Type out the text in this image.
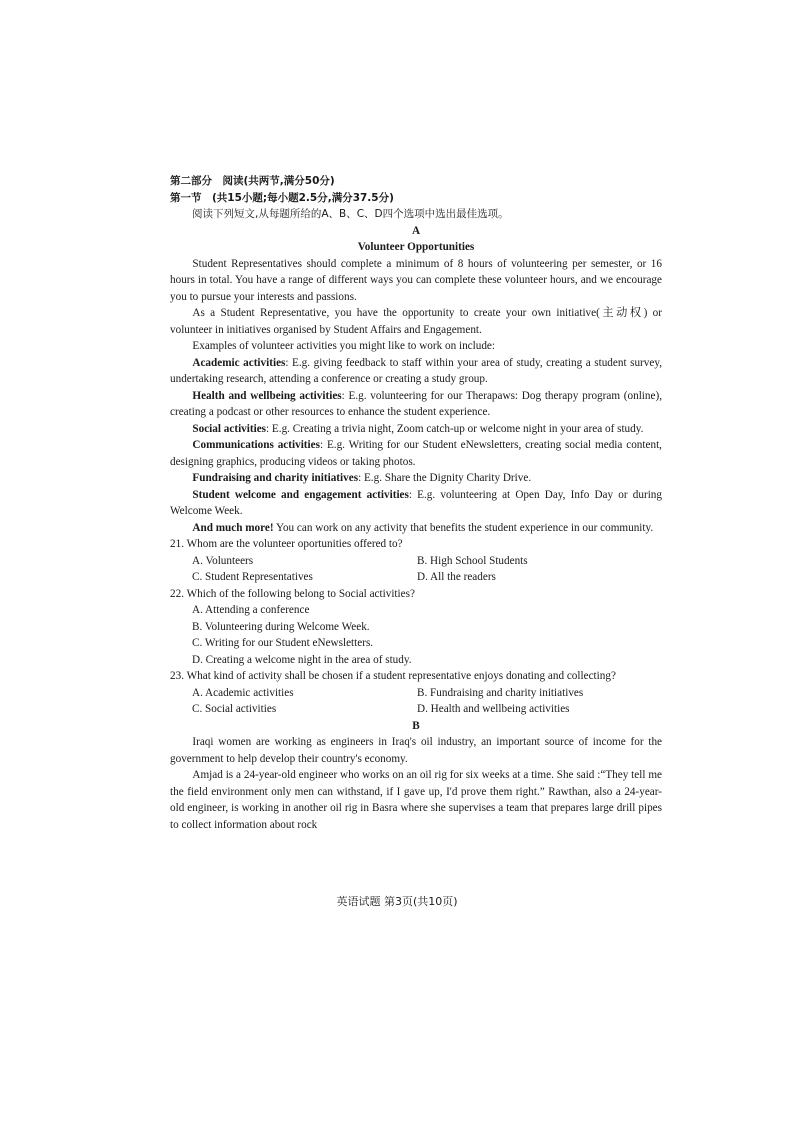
第二部分　阅读(共两节,满分50分)
第一节　(共15小题;每小题2.5分,满分37.5分)
阅读下列短文,从每题所给的A、B、C、D四个选项中选出最佳选项。
A
Volunteer Opportunities
Student Representatives should complete a minimum of 8 hours of volunteering per semester, or 16 hours in total. You have a range of different ways you can complete these volunteer hours, and we encourage you to pursue your interests and passions.
As a Student Representative, you have the opportunity to create your own initiative(主动权) or volunteer in initiatives organised by Student Affairs and Engagement.
Examples of volunteer activities you might like to work on include:
Academic activities: E.g. giving feedback to staff within your area of study, creating a student survey, undertaking research, attending a conference or creating a study group.
Health and wellbeing activities: E.g. volunteering for our Therapaws: Dog therapy program (online), creating a podcast or other resources to enhance the student experience.
Social activities: E.g. Creating a trivia night, Zoom catch-up or welcome night in your area of study.
Communications activities: E.g. Writing for our Student eNewsletters, creating social media content, designing graphics, producing videos or taking photos.
Fundraising and charity initiatives: E.g. Share the Dignity Charity Drive.
Student welcome and engagement activities: E.g. volunteering at Open Day, Info Day or during Welcome Week.
And much more! You can work on any activity that benefits the student experience in our community.
21. Whom are the volunteer oportunities offered to?
A. Volunteers	B. High School Students
C. Student Representatives	D. All the readers
22. Which of the following belong to Social activities?
A. Attending a conference
B. Volunteering during Welcome Week.
C. Writing for our Student eNewsletters.
D. Creating a welcome night in the area of study.
23. What kind of activity shall be chosen if a student representative enjoys donating and collecting?
A. Academic activities	B. Fundraising and charity initiatives
C. Social activities	D. Health and wellbeing activities
B
Iraqi women are working as engineers in Iraq's oil industry, an important source of income for the government to help develop their country's economy.
Amjad is a 24-year-old engineer who works on an oil rig for six weeks at a time. She said :“They tell me the field environment only men can withstand, if I gave up, I'd prove them right.” Rawthan, also a 24-year-old engineer, is working in another oil rig in Basra where she supervises a team that prepares large drill pipes to collect information about rock
英语试题 第3页(共10页)
